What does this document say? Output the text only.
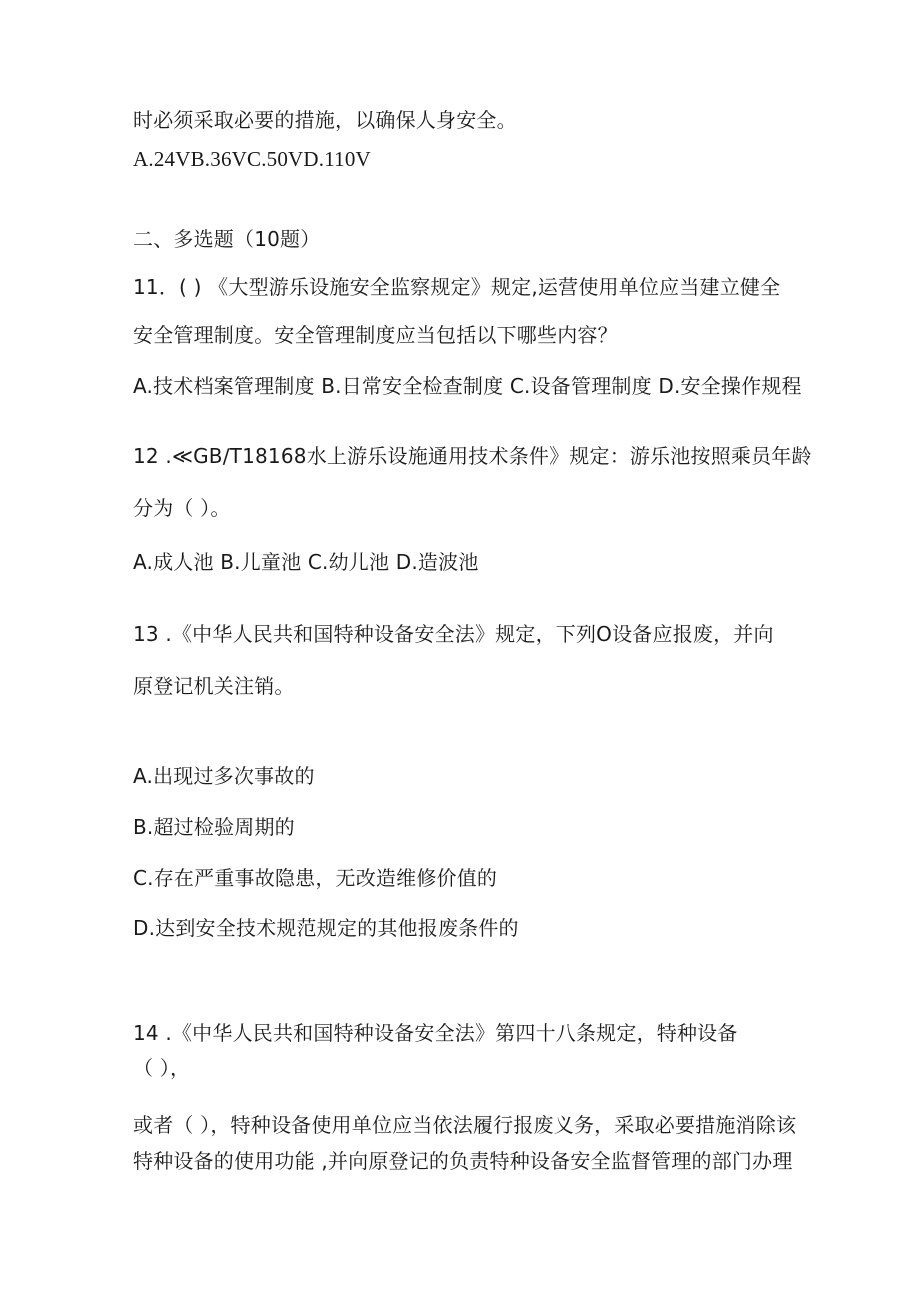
时必须采取必要的措施，以确保人身安全。
A.24VB.36VC.50VD.110V
二、多选题（10题）
11．( ) 《大型游乐设施安全监察规定》规定,运营使用单位应当建立健全
安全管理制度。安全管理制度应当包括以下哪些内容？
A.技术档案管理制度 B.日常安全检查制度 C.设备管理制度 D.安全操作规程
12 .≪GB∕T18168水上游乐设施通用技术条件》规定：游乐池按照乘员年龄
分为（ ）。
A.成人池 B.儿童池 C.幼儿池 D.造波池
13 .《中华人民共和国特种设备安全法》规定，下列O设备应报废，并向
原登记机关注销。
A.出现过多次事故的
B.超过检验周期的
C.存在严重事故隐患，无改造维修价值的
D.达到安全技术规范规定的其他报废条件的
14 .《中华人民共和国特种设备安全法》第四十八条规定，特种设备
（ ），
或者（ ），特种设备使用单位应当依法履行报废义务，采取必要措施消除该
特种设备的使用功能 ,并向原登记的负责特种设备安全监督管理的部门办理
